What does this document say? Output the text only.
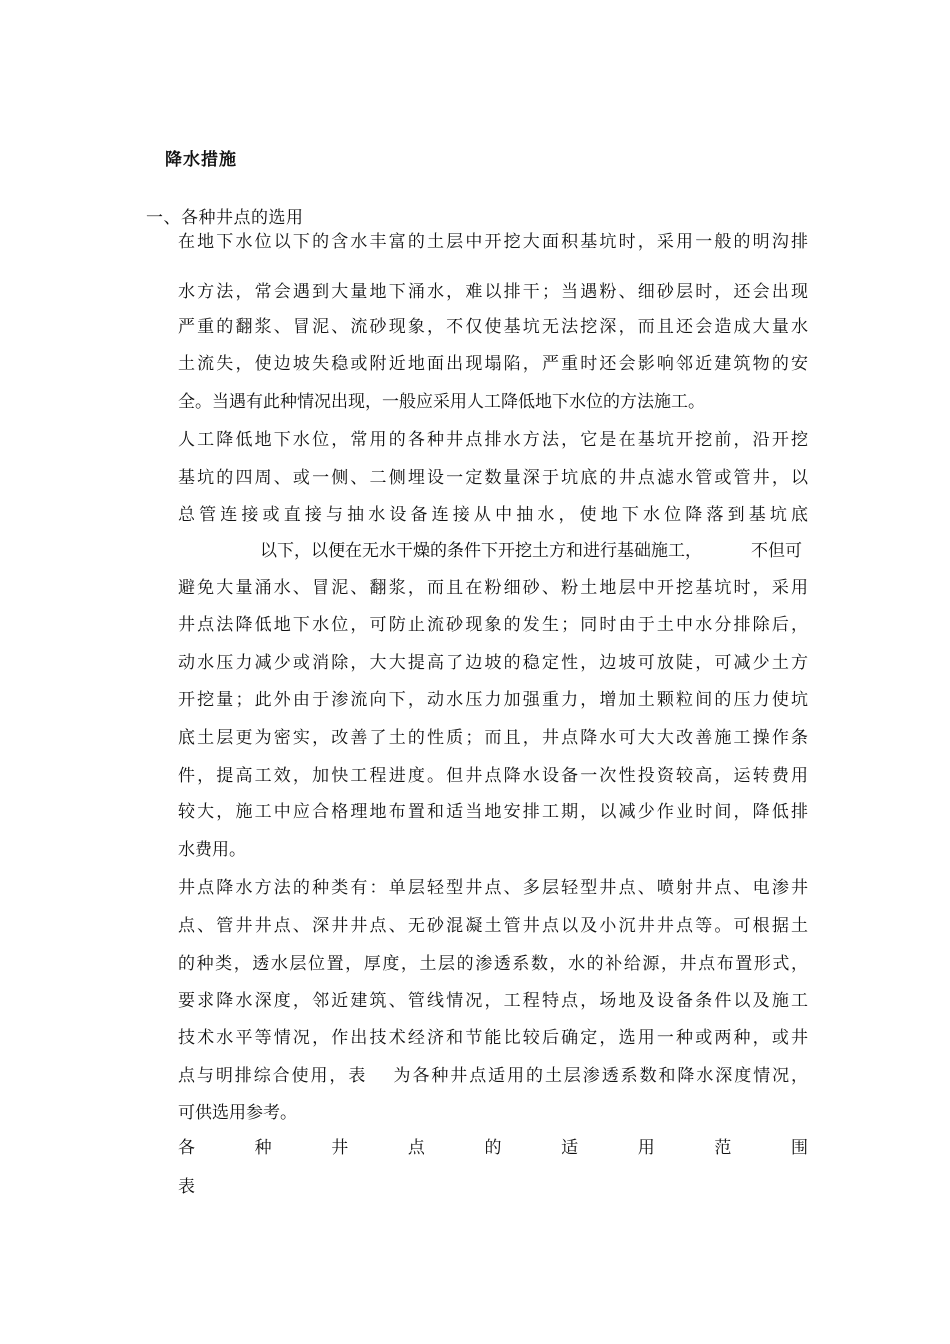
降水措施
一、各种井点的选用
在地下水位以下的含水丰富的土层中开挖大面积基坑时，采用一般的明沟排
水方法，常会遇到大量地下涌水，难以排干；当遇粉、细砂层时，还会出现
严重的翻浆、冒泥、流砂现象，不仅使基坑无法挖深，而且还会造成大量水
土流失，使边坡失稳或附近地面出现塌陷，严重时还会影响邻近建筑物的安
全。当遇有此种情况出现，一般应采用人工降低地下水位的方法施工。
人工降低地下水位，常用的各种井点排水方法，它是在基坑开挖前，沿开挖
基坑的四周、或一侧、二侧埋设一定数量深于坑底的井点滤水管或管井，以
总管连接或直接与抽水设备连接从中抽水，使地下水位降落到基坑底
以下，以便在无水干燥的条件下开挖土方和进行基础施工，
避免大量涌水、冒泥、翻浆，而且在粉细砂、粉土地层中开挖基坑时，采用
井点法降低地下水位，可防止流砂现象的发生；同时由于土中水分排除后，
动水压力减少或消除，大大提高了边坡的稳定性，边坡可放陡，可减少土方
开挖量；此外由于渗流向下，动水压力加强重力，增加土颗粒间的压力使坑
底土层更为密实，改善了土的性质；而且，井点降水可大大改善施工操作条
件，提高工效，加快工程进度。但井点降水设备一次性投资较高，运转费用
较大，施工中应合格理地布置和适当地安排工期，以减少作业时间，降低排
水费用。
井点降水方法的种类有：单层轻型井点、多层轻型井点、喷射井点、电渗井
点、管井井点、深井井点、无砂混凝土管井点以及小沉井井点等。可根据土
的种类，透水层位置，厚度，土层的渗透系数，水的补给源，井点布置形式，
要求降水深度，邻近建筑、管线情况，工程特点，场地及设备条件以及施工
技术水平等情况，作出技术经济和节能比较后确定，选用一种或两种，或井
点与明排综合使用，表　 为各种井点适用的土层渗透系数和降水深度情况，
可供选用参考。
不但可
各	种	井	点	的	适	用	范	围
表
